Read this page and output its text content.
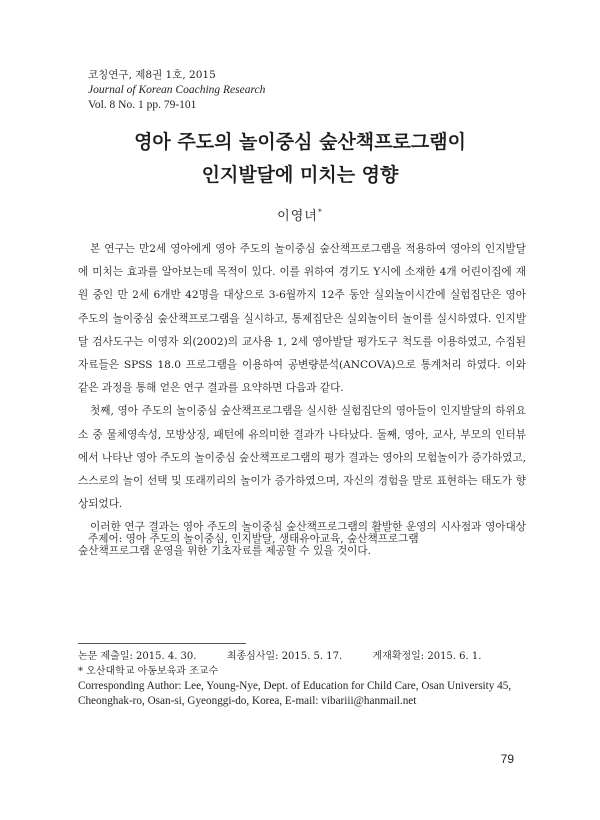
코칭연구, 제8권 1호, 2015
Journal of Korean Coaching Research
Vol. 8 No. 1 pp. 79-101
영아 주도의 놀이중심 숲산책프로그램이
인지발달에 미치는 영향
이영녀*

본 연구는 만2세 영아에게 영아 주도의 놀이중심 숲산책프로그램을 적용하여 영아의 인지발달에 미치는 효과를 알아보는데 목적이 있다. 이를 위하여 경기도 Y시에 소재한 4개 어린이집에 재원 중인 만 2세 6개반 42명을 대상으로 3-6월까지 12주 동안 실외놀이시간에 실험집단은 영아 주도의 놀이중심 숲산책프로그램을 실시하고, 통제집단은 실외놀이터 놀이를 실시하였다. 인지발달 검사도구는 이영자 외(2002)의 교사용 1, 2세 영아발달 평가도구 척도를 이용하였고, 수집된 자료들은 SPSS 18.0 프로그램을 이용하여 공변량분석(ANCOVA)으로 통계처리 하였다. 이와 같은 과정을 통해 얻은 연구 결과를 요약하면 다음과 같다.

첫째, 영아 주도의 놀이중심 숲산책프로그램을 실시한 실험집단의 영아들이 인지발달의 하위요소 중 물체영속성, 모방상징, 패턴에 유의미한 결과가 나타났다. 둘째, 영아, 교사, 부모의 인터뷰에서 나타난 영아 주도의 놀이중심 숲산책프로그램의 평가 결과는 영아의 모험놀이가 증가하였고, 스스로의 놀이 선택 및 또래끼리의 놀이가 증가하였으며, 자신의 경험을 말로 표현하는 태도가 향상되었다.

이러한 연구 결과는 영아 주도의 놀이중심 숲산책프로그램의 활발한 운영의 시사점과 영아대상 숲산책프로그램 운영을 위한 기초자료를 제공할 수 있을 것이다.

주제어: 영아 주도의 놀이중심, 인지발달, 생태유아교육, 숲산책프로그램
논문 제출일: 2015. 4. 30.	최종심사일: 2015. 5. 17.	게재확정일: 2015. 6. 1.
* 오산대학교 아동보육과 조교수
Corresponding Author: Lee, Young-Nye, Dept. of Education for Child Care, Osan University 45, Cheonghak-ro, Osan-si, Gyeonggi-do, Korea, E-mail: vibariii@hanmail.net
79
